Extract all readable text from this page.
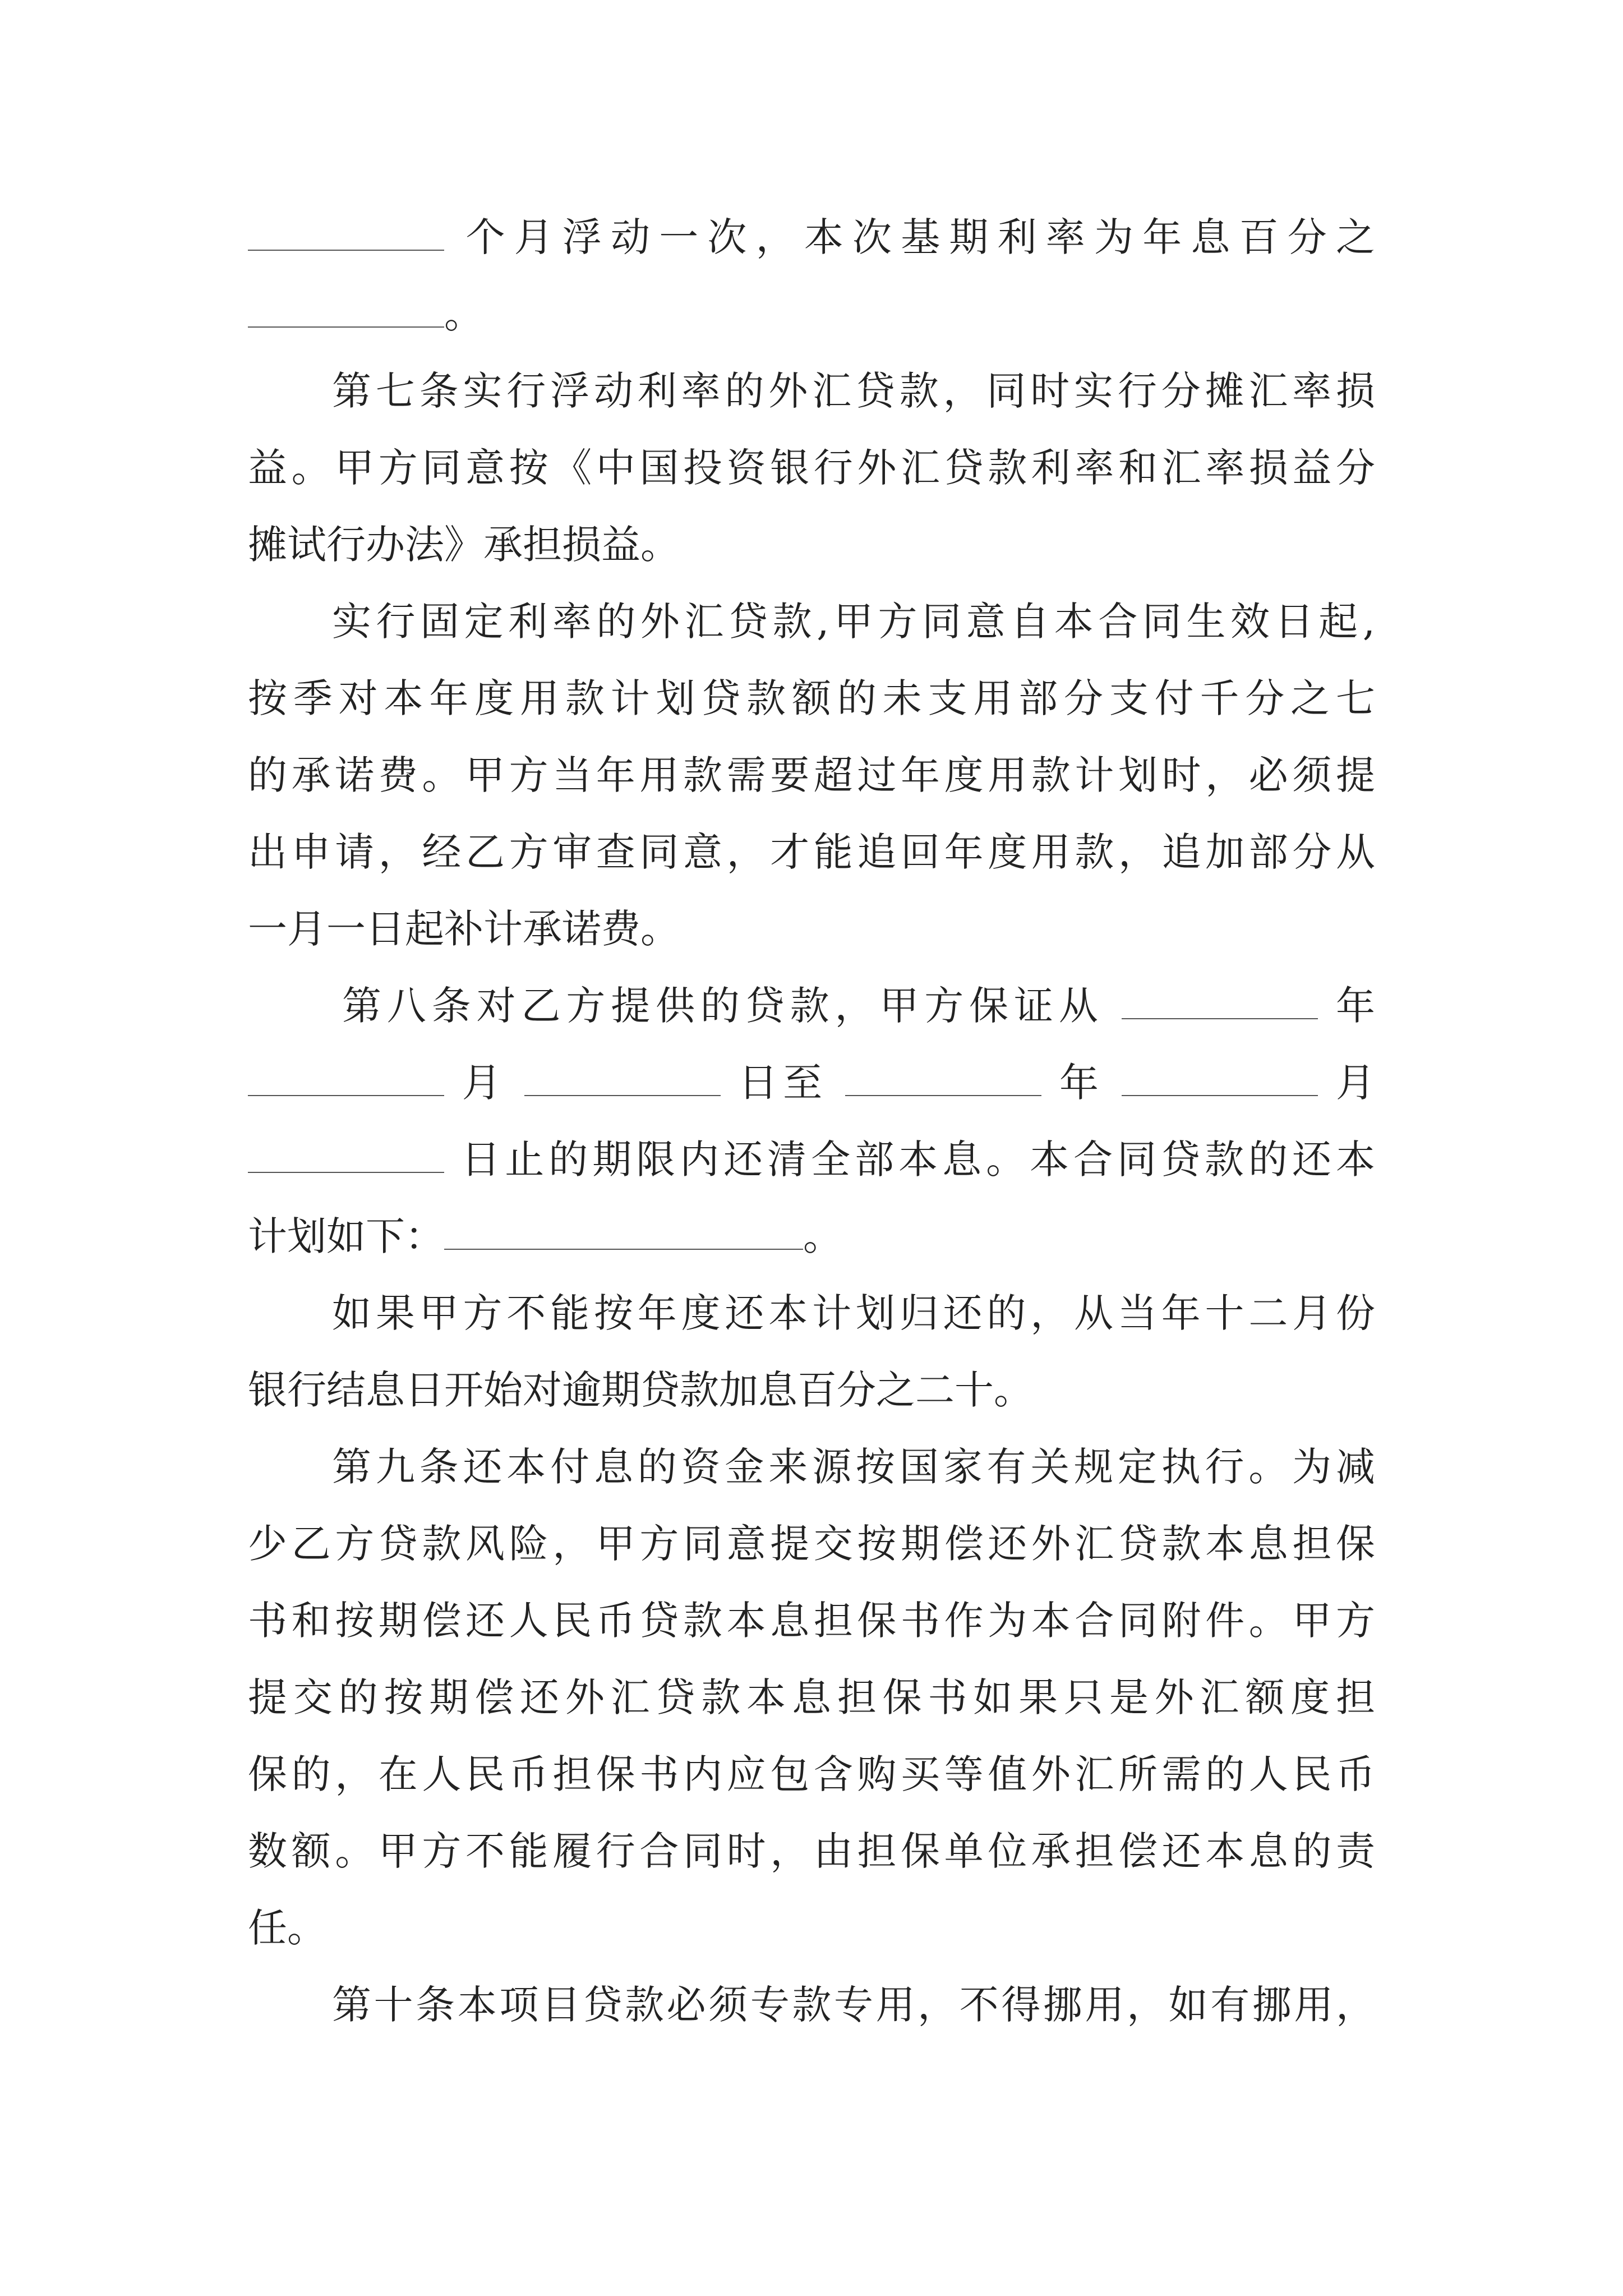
个月浮动一次，本次基期利率为年息百分之
。
第七条实行浮动利率的外汇贷款，同时实行分摊汇率损
益。甲方同意按《中国投资银行外汇贷款利率和汇率损益分
摊试行办法》承担损益。
实行固定利率的外汇贷款,甲方同意自本合同生效日起,
按季对本年度用款计划贷款额的未支用部分支付千分之七
的承诺费。甲方当年用款需要超过年度用款计划时，必须提
出申请，经乙方审查同意，才能追回年度用款，追加部分从
一月一日起补计承诺费。
第八条对乙方提供的贷款，甲方保证从	年
月	日至	年	月
日止的期限内还清全部本息。本合同贷款的还本
计划如下：	。
如果甲方不能按年度还本计划归还的，从当年十二月份
银行结息日开始对逾期贷款加息百分之二十。
第九条还本付息的资金来源按国家有关规定执行。为减
少乙方贷款风险，甲方同意提交按期偿还外汇贷款本息担保
书和按期偿还人民币贷款本息担保书作为本合同附件。甲方
提交的按期偿还外汇贷款本息担保书如果只是外汇额度担
保的，在人民币担保书内应包含购买等值外汇所需的人民币
数额。甲方不能履行合同时，由担保单位承担偿还本息的责
任。
第十条本项目贷款必须专款专用，不得挪用，如有挪用，
